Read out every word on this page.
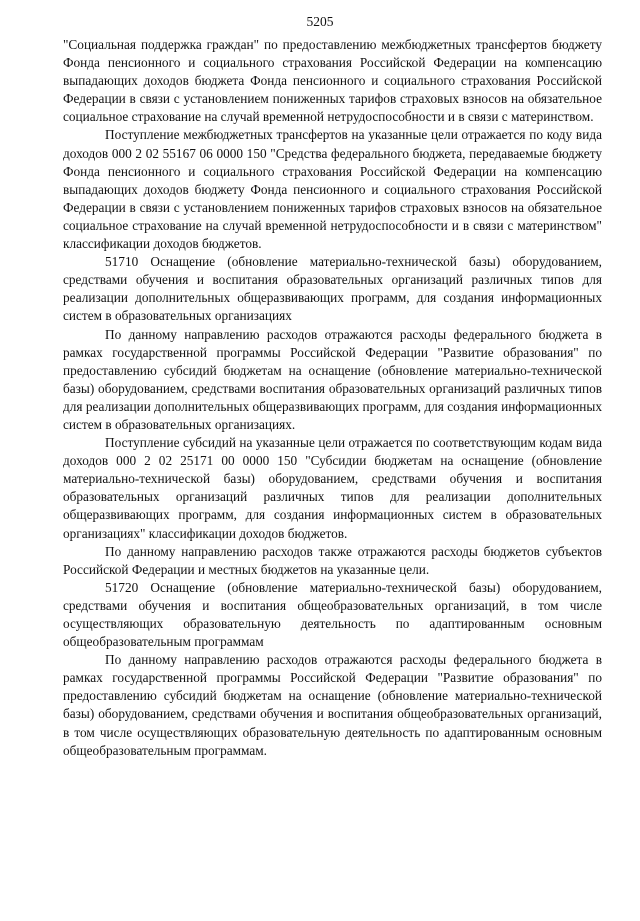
5205

"Социальная поддержка граждан" по предоставлению межбюджетных трансфертов бюджету Фонда пенсионного и социального страхования Российской Федерации на компенсацию выпадающих доходов бюджета Фонда пенсионного и социального страхования Российской Федерации в связи с установлением пониженных тарифов страховых взносов на обязательное социальное страхование на случай временной нетрудоспособности и в связи с материнством.

Поступление межбюджетных трансфертов на указанные цели отражается по коду вида доходов 000 2 02 55167 06 0000 150 "Средства федерального бюджета, передаваемые бюджету Фонда пенсионного и социального страхования Российской Федерации на компенсацию выпадающих доходов бюджету Фонда пенсионного и социального страхования Российской Федерации в связи с установлением пониженных тарифов страховых взносов на обязательное социальное страхование на случай временной нетрудоспособности и в связи с материнством" классификации доходов бюджетов.

51710 Оснащение (обновление материально-технической базы) оборудованием, средствами обучения и воспитания образовательных организаций различных типов для реализации дополнительных общеразвивающих программ, для создания информационных систем в образовательных организациях

По данному направлению расходов отражаются расходы федерального бюджета в рамках государственной программы Российской Федерации "Развитие образования" по предоставлению субсидий бюджетам на оснащение (обновление материально-технической базы) оборудованием, средствами воспитания образовательных организаций различных типов для реализации дополнительных общеразвивающих программ, для создания информационных систем в образовательных организациях.

Поступление субсидий на указанные цели отражается по соответствующим кодам вида доходов 000 2 02 25171 00 0000 150 "Субсидии бюджетам на оснащение (обновление материально-технической базы) оборудованием, средствами обучения и воспитания образовательных организаций различных типов для реализации дополнительных общеразвивающих программ, для создания информационных систем в образовательных организациях" классификации доходов бюджетов.

По данному направлению расходов также отражаются расходы бюджетов субъектов Российской Федерации и местных бюджетов на указанные цели.

51720 Оснащение (обновление материально-технической базы) оборудованием, средствами обучения и воспитания общеобразовательных организаций, в том числе осуществляющих образовательную деятельность по адаптированным основным общеобразовательным программам

По данному направлению расходов отражаются расходы федерального бюджета в рамках государственной программы Российской Федерации "Развитие образования" по предоставлению субсидий бюджетам на оснащение (обновление материально-технической базы) оборудованием, средствами обучения и воспитания общеобразовательных организаций, в том числе осуществляющих образовательную деятельность по адаптированным основным общеобразовательным программам.
